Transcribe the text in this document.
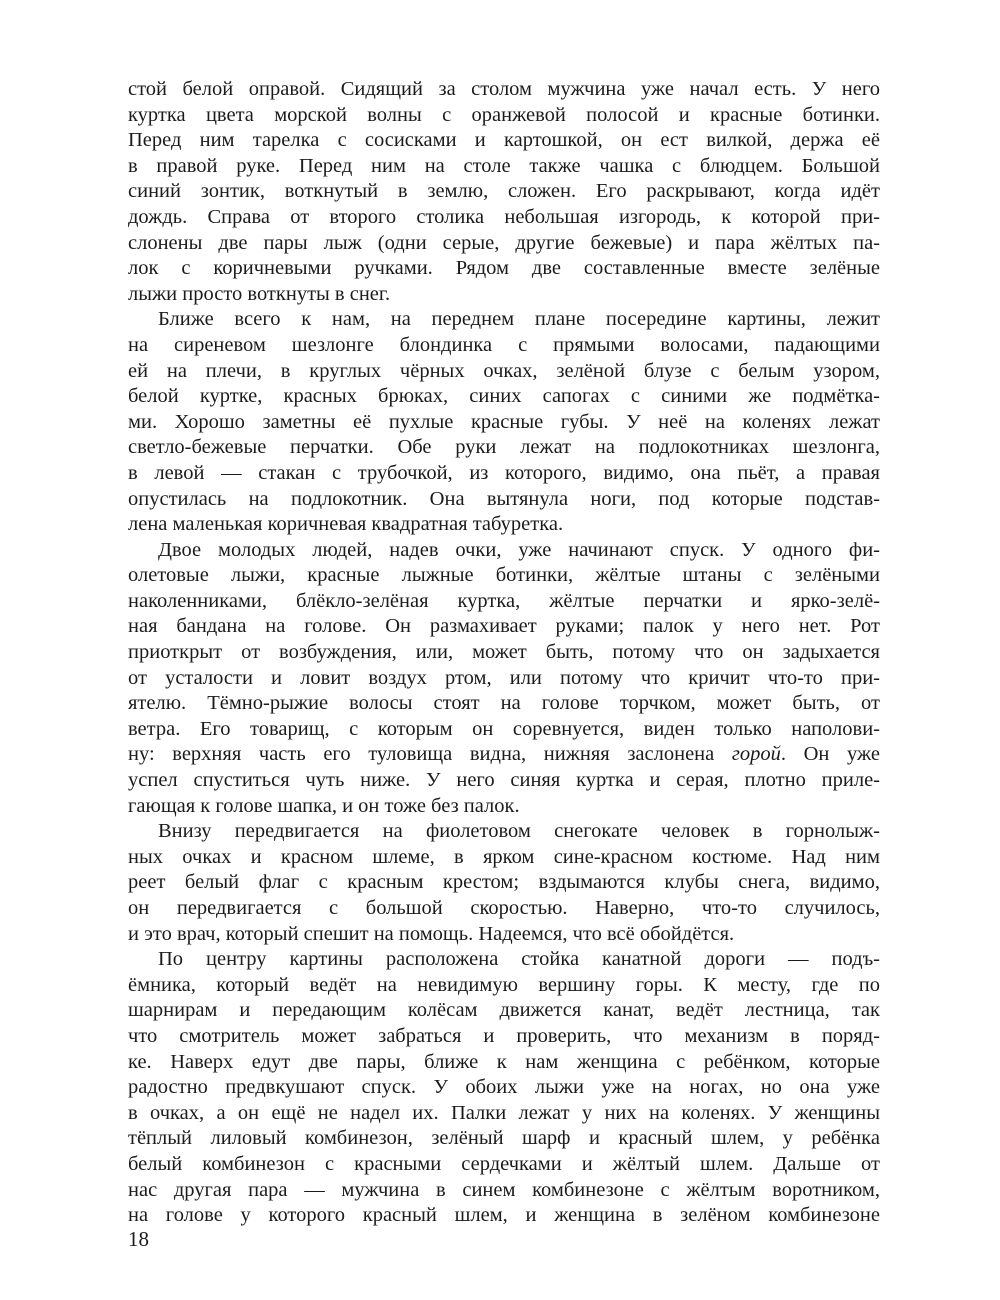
стой белой оправой. Сидящий за столом мужчина уже начал есть. У него
куртка цвета морской волны с оранжевой полосой и красные ботинки.
Перед ним тарелка с сосисками и картошкой, он ест вилкой, держа её
в правой руке. Перед ним на столе также чашка с блюдцем. Большой
синий зонтик, воткнутый в землю, сложен. Его раскрывают, когда идёт
дождь. Справа от второго столика небольшая изгородь, к которой при-
слонены две пары лыж (одни серые, другие бежевые) и пара жёлтых па-
лок с коричневыми ручками. Рядом две составленные вместе зелёные
лыжи просто воткнуты в снег.

Ближе всего к нам, на переднем плане посередине картины, лежит
на сиреневом шезлонге блондинка с прямыми волосами, падающими
ей на плечи, в круглых чёрных очках, зелёной блузе с белым узором,
белой куртке, красных брюках, синих сапогах с синими же подмётка-
ми. Хорошо заметны её пухлые красные губы. У неё на коленях лежат
светло-бежевые перчатки. Обе руки лежат на подлокотниках шезлонга,
в левой — стакан с трубочкой, из которого, видимо, она пьёт, а правая
опустилась на подлокотник. Она вытянула ноги, под которые подстав-
лена маленькая коричневая квадратная табуретка.

Двое молодых людей, надев очки, уже начинают спуск. У одного фи-
олетовые лыжи, красные лыжные ботинки, жёлтые штаны с зелёными
наколенниками, блёкло-зелёная куртка, жёлтые перчатки и ярко-зелё-
ная бандана на голове. Он размахивает руками; палок у него нет. Рот
приоткрыт от возбуждения, или, может быть, потому что он задыхается
от усталости и ловит воздух ртом, или потому что кричит что-то при-
ятелю. Тёмно-рыжие волосы стоят на голове торчком, может быть, от
ветра. Его товарищ, с которым он соревнуется, виден только наполови-
ну: верхняя часть его туловища видна, нижняя заслонена горой. Он уже
успел спуститься чуть ниже. У него синяя куртка и серая, плотно приле-
гающая к голове шапка, и он тоже без палок.

Внизу передвигается на фиолетовом снегокате человек в горнолыж-
ных очках и красном шлеме, в ярком сине-красном костюме. Над ним
реет белый флаг с красным крестом; вздымаются клубы снега, видимо,
он передвигается с большой скоростью. Наверно, что-то случилось,
и это врач, который спешит на помощь. Надеемся, что всё обойдётся.

По центру картины расположена стойка канатной дороги — подъ-
ёмника, который ведёт на невидимую вершину горы. К месту, где по
шарнирам и передающим колёсам движется канат, ведёт лестница, так
что смотритель может забраться и проверить, что механизм в поряд-
ке. Наверх едут две пары, ближе к нам женщина с ребёнком, которые
радостно предвкушают спуск. У обоих лыжи уже на ногах, но она уже
в очках, а он ещё не надел их. Палки лежат у них на коленях. У женщины
тёплый лиловый комбинезон, зелёный шарф и красный шлем, у ребёнка
белый комбинезон с красными сердечками и жёлтый шлем. Дальше от
нас другая пара — мужчина в синем комбинезоне с жёлтым воротником,
на голове у которого красный шлем, и женщина в зелёном комбинезоне

18
